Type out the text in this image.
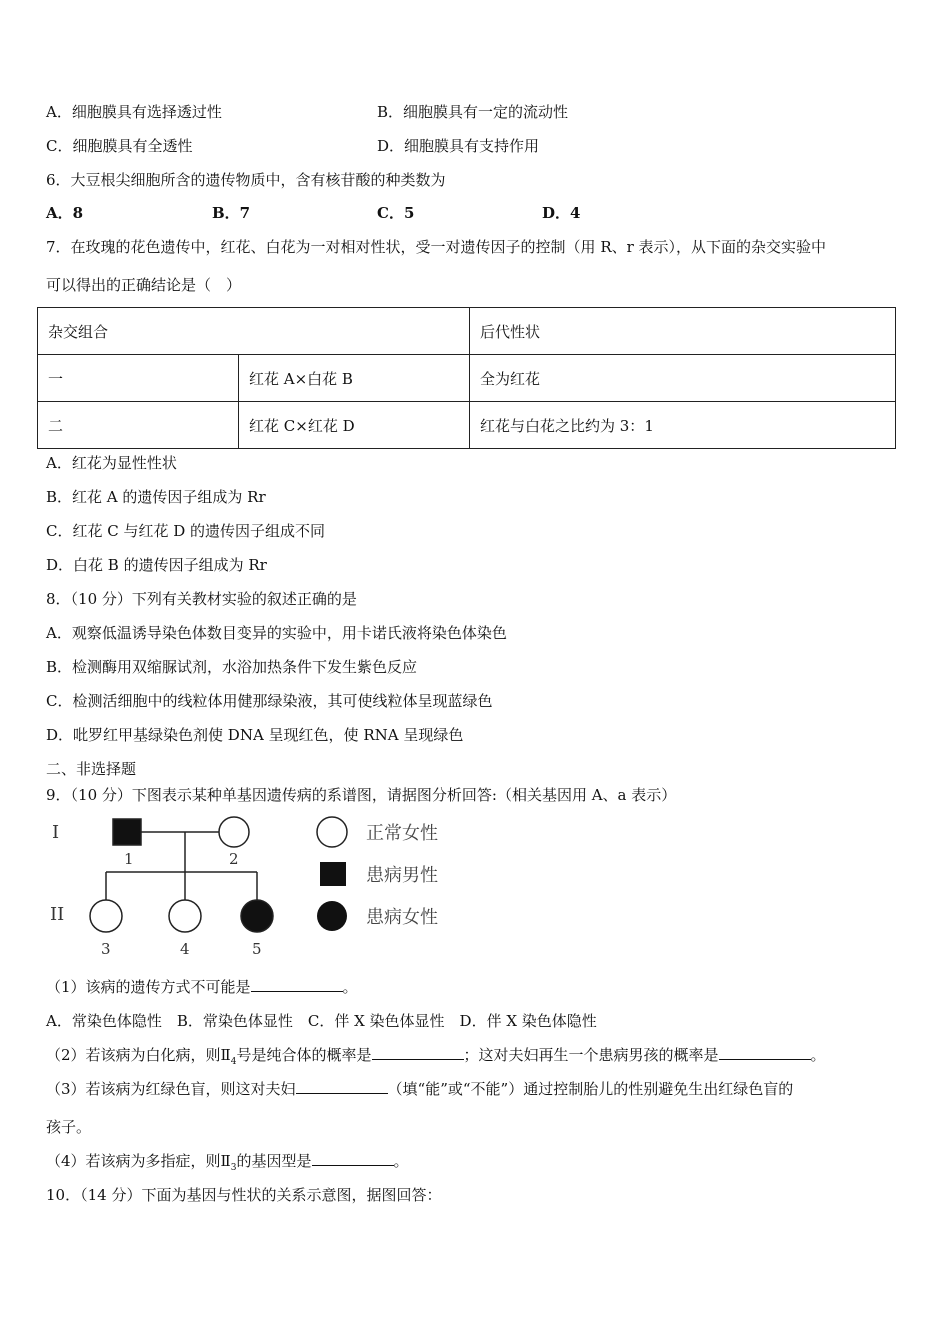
A．细胞膜具有选择透过性	B．细胞膜具有一定的流动性
C．细胞膜具有全透性	D．细胞膜具有支持作用
6．大豆根尖细胞所含的遗传物质中，含有核苷酸的种类数为
A．8	B．7	C．5	D．4
7．在玫瑰的花色遗传中，红花、白花为一对相对性状，受一对遗传因子的控制（用 R、r 表示），从下面的杂交实验中
可以得出的正确结论是（　）
杂交组合		后代性状
一	红花 A×白花 B	全为红花
二	红花 C×红花 D	红花与白花之比约为 3：1
A．红花为显性性状
B．红花 A 的遗传因子组成为 Rr
C．红花 C 与红花 D 的遗传因子组成不同
D．白花 B 的遗传因子组成为 Rr
8．（10 分）下列有关教材实验的叙述正确的是
A．观察低温诱导染色体数目变异的实验中，用卡诺氏液将染色体染色
B．检测酶用双缩脲试剂，水浴加热条件下发生紫色反应
C．检测活细胞中的线粒体用健那绿染液，其可使线粒体呈现蓝绿色
D．吡罗红甲基绿染色剂使 DNA 呈现红色，使 RNA 呈现绿色
二、非选择题
9．（10 分）下图表示某种单基因遗传病的系谱图，请据图分析回答:（相关基因用 A、a 表示）
I
II
1	2
3	4	5
正常女性
患病男性
患病女性
（1）该病的遗传方式不可能是	。
A．常染色体隐性　B．常染色体显性　C．伴 X 染色体显性　D．伴 X 染色体隐性
（2）若该病为白化病，则$Ⅱ_4$号是纯合体的概率是	；这对夫妇再生一个患病男孩的概率是	。
（3）若该病为红绿色盲，则这对夫妇	（填“能”或“不能”）通过控制胎儿的性别避免生出红绿色盲的
孩子。
（4）若该病为多指症，则$Ⅱ_3$的基因型是	。
10．（14 分）下面为基因与性状的关系示意图，据图回答：
